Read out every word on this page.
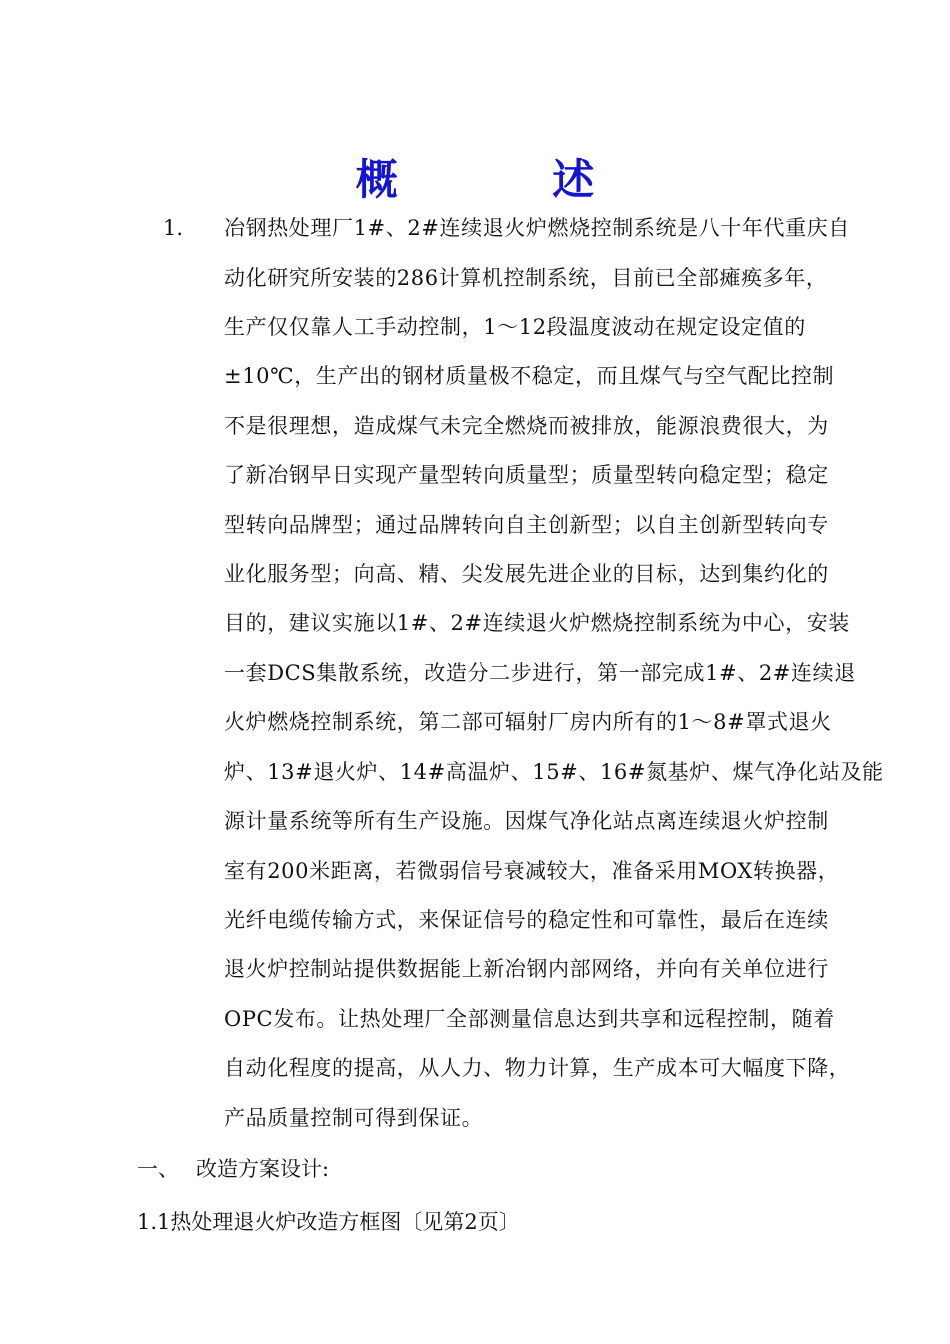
概 述
1. 冶钢热处理厂1#、2#连续退火炉燃烧控制系统是八十年代重庆自
动化研究所安装的286计算机控制系统，目前已全部瘫痪多年，
生产仅仅靠人工手动控制，1～12段温度波动在规定设定值的
±10℃，生产出的钢材质量极不稳定，而且煤气与空气配比控制
不是很理想，造成煤气未完全燃烧而被排放，能源浪费很大，为
了新冶钢早日实现产量型转向质量型；质量型转向稳定型；稳定
型转向品牌型；通过品牌转向自主创新型；以自主创新型转向专
业化服务型；向高、精、尖发展先进企业的目标，达到集约化的
目的，建议实施以1#、2#连续退火炉燃烧控制系统为中心，安装
一套DCS集散系统，改造分二步进行，第一部完成1#、2#连续退
火炉燃烧控制系统，第二部可辐射厂房内所有的1～8#罩式退火
炉、13#退火炉、14#高温炉、15#、16#氮基炉、煤气净化站及能
源计量系统等所有生产设施。因煤气净化站点离连续退火炉控制
室有200米距离，若微弱信号衰减较大，准备采用MOX转换器，
光纤电缆传输方式，来保证信号的稳定性和可靠性，最后在连续
退火炉控制站提供数据能上新冶钢内部网络，并向有关单位进行
OPC发布。让热处理厂全部测量信息达到共享和远程控制，随着
自动化程度的提高，从人力、物力计算，生产成本可大幅度下降，
产品质量控制可得到保证。
一、 改造方案设计:
1.1热处理退火炉改造方框图〔见第2页〕
